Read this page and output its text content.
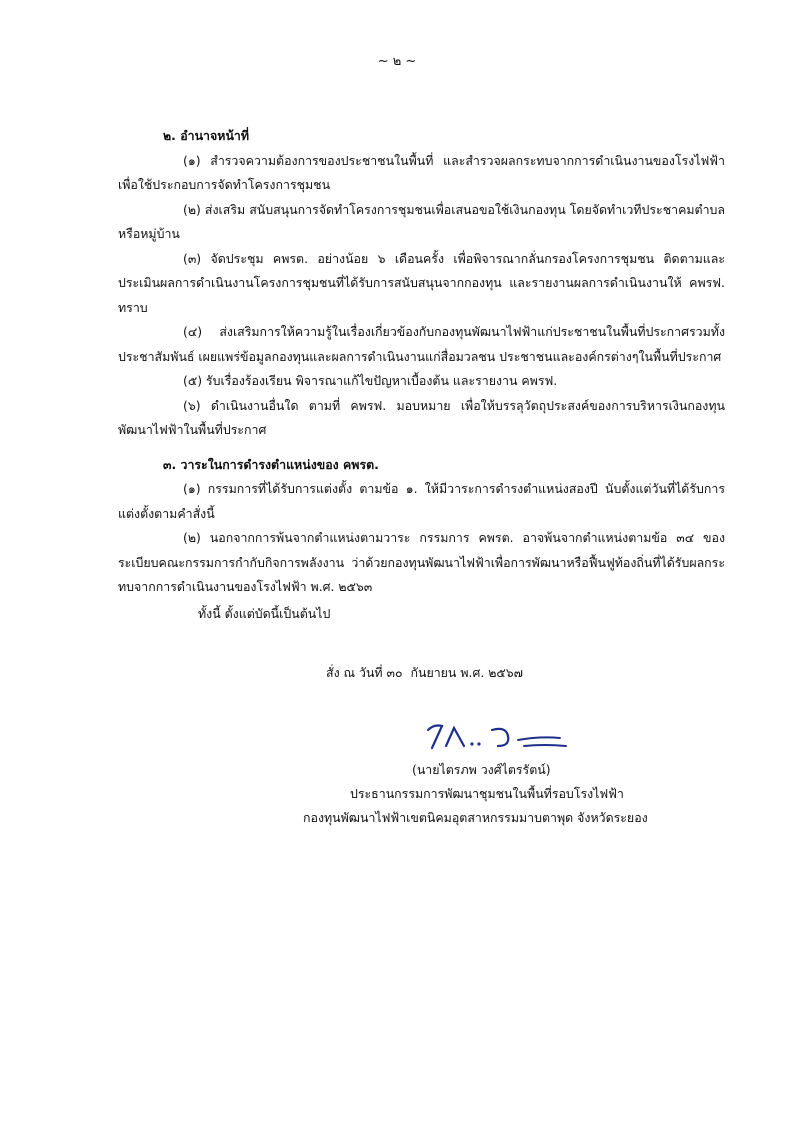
~ ๒ ~
๒. อำนาจหน้าที่
(๑) สำรวจความต้องการของประชาชนในพื้นที่ และสำรวจผลกระทบจากการดำเนินงานของโรงไฟฟ้า เพื่อใช้ประกอบการจัดทำโครงการชุมชน
(๒) ส่งเสริม สนับสนุนการจัดทำโครงการชุมชนเพื่อเสนอขอใช้เงินกองทุน โดยจัดทำเวทีประชาคมตำบลหรือหมู่บ้าน
(๓) จัดประชุม คพรต. อย่างน้อย ๖ เดือนครั้ง เพื่อพิจารณากลั่นกรองโครงการชุมชน ติดตามและประเมินผลการดำเนินงานโครงการชุมชนที่ได้รับการสนับสนุนจากกองทุน และรายงานผลการดำเนินงานให้ คพรฟ. ทราบ
(๔) ส่งเสริมการให้ความรู้ในเรื่องเกี่ยวข้องกับกองทุนพัฒนาไฟฟ้าแก่ประชาชนในพื้นที่ประกาศรวมทั้งประชาสัมพันธ์ เผยแพร่ข้อมูลกองทุนและผลการดำเนินงานแก่สื่อมวลชน ประชาชนและองค์กรต่างๆในพื้นที่ประกาศ
(๕) รับเรื่องร้องเรียน พิจารณาแก้ไขปัญหาเบื้องต้น และรายงาน คพรฟ.
(๖) ดำเนินงานอื่นใด ตามที่ คพรฟ. มอบหมาย เพื่อให้บรรลุวัตถุประสงค์ของการบริหารเงินกองทุนพัฒนาไฟฟ้าในพื้นที่ประกาศ
๓. วาระในการดำรงตำแหน่งของ คพรต.
(๑) กรรมการที่ได้รับการแต่งตั้ง ตามข้อ ๑. ให้มีวาระการดำรงตำแหน่งสองปี นับตั้งแต่วันที่ได้รับการแต่งตั้งตามคำสั่งนี้
(๒) นอกจากการพ้นจากตำแหน่งตามวาระ กรรมการ คพรต. อาจพ้นจากตำแหน่งตามข้อ ๓๔ ของระเบียบคณะกรรมการกำกับกิจการพลังงาน ว่าด้วยกองทุนพัฒนาไฟฟ้าเพื่อการพัฒนาหรือฟื้นฟูท้องถิ่นที่ได้รับผลกระทบจากการดำเนินงานของโรงไฟฟ้า พ.ศ. ๒๕๖๓
ทั้งนี้ ตั้งแต่บัดนี้เป็นต้นไป
สั่ง ณ วันที่ ๓๐ กันยายน พ.ศ. ๒๕๖๗
(นายไตรภพ วงศ์ไตรรัตน์)
ประธานกรรมการพัฒนาชุมชนในพื้นที่รอบโรงไฟฟ้า
กองทุนพัฒนาไฟฟ้าเขตนิคมอุตสาหกรรมมาบตาพุด จังหวัดระยอง
